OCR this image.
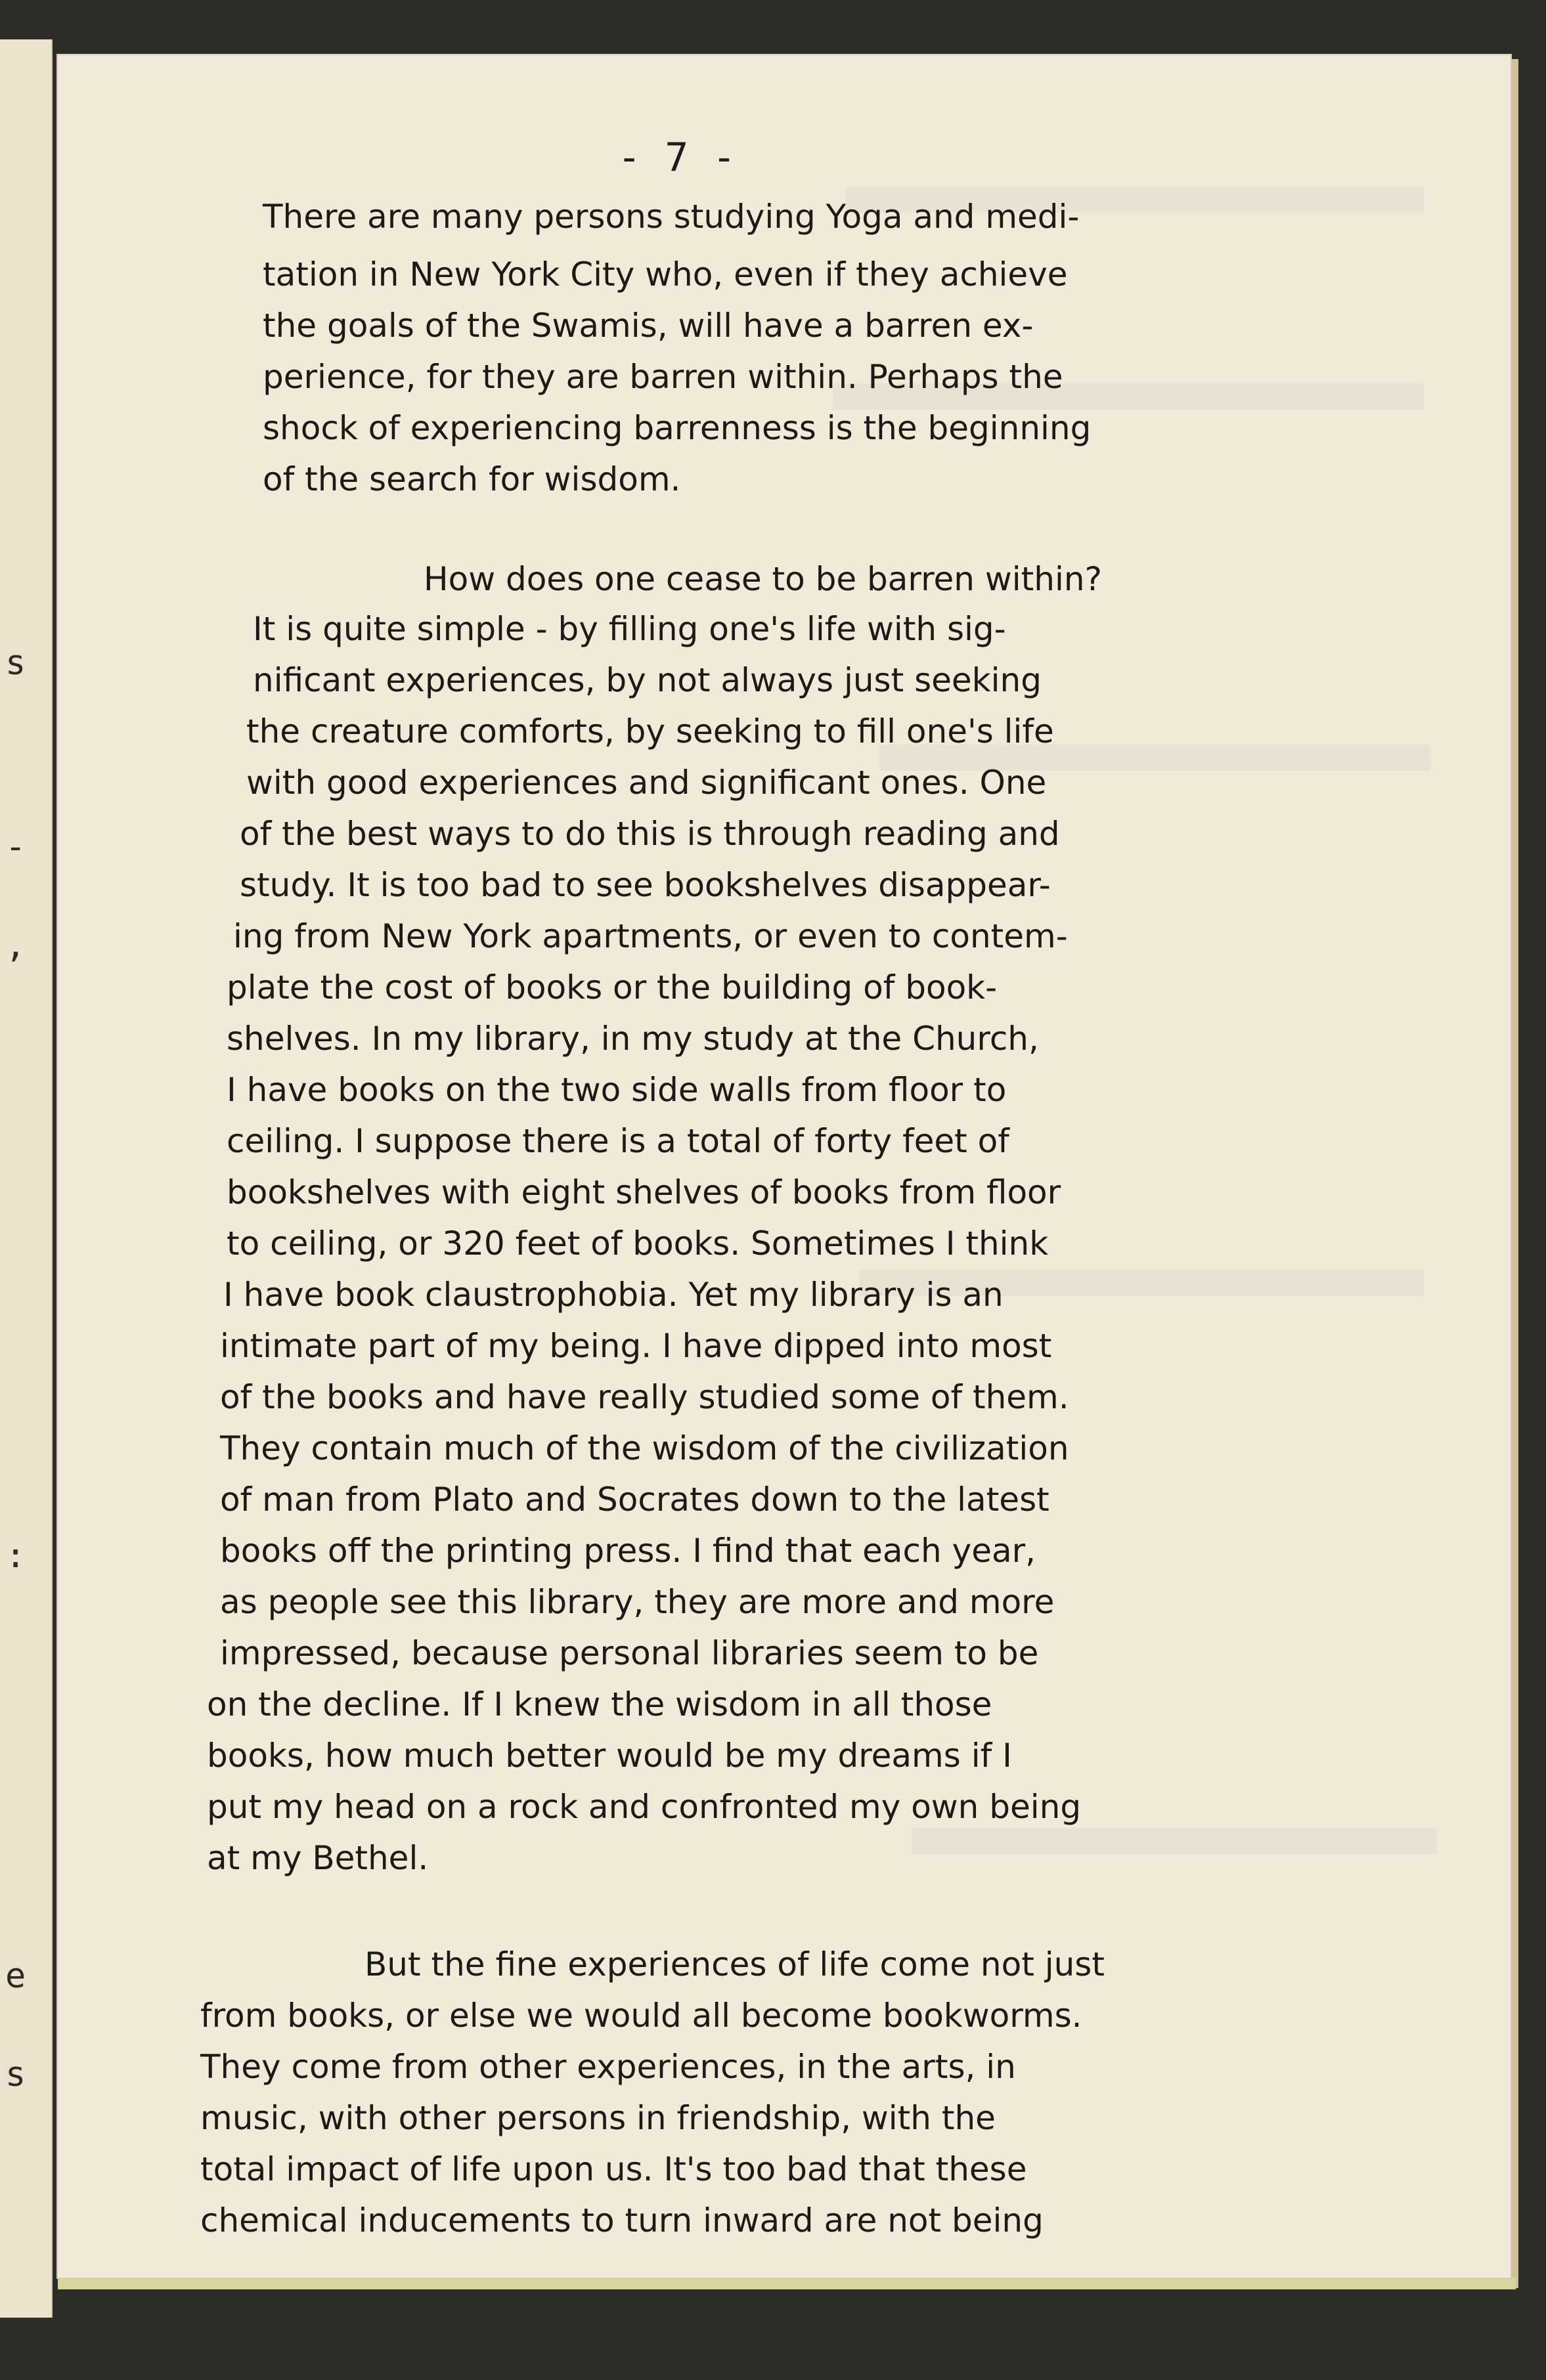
s
-
,
:
e
s
- 7 -
There are many persons studying Yoga and medi-
tation in New York City who, even if they achieve
the goals of the Swamis, will have a barren ex-
perience, for they are barren within. Perhaps the
shock of experiencing barrenness is the beginning
of the search for wisdom.
How does one cease to be barren within?
It is quite simple - by filling one's life with sig-
nificant experiences, by not always just seeking
the creature comforts, by seeking to fill one's life
with good experiences and significant ones. One
of the best ways to do this is through reading and
study. It is too bad to see bookshelves disappear-
ing from New York apartments, or even to contem-
plate the cost of books or the building of book-
shelves. In my library, in my study at the Church,
I have books on the two side walls from floor to
ceiling. I suppose there is a total of forty feet of
bookshelves with eight shelves of books from floor
to ceiling, or 320 feet of books. Sometimes I think
I have book claustrophobia. Yet my library is an
intimate part of my being. I have dipped into most
of the books and have really studied some of them.
They contain much of the wisdom of the civilization
of man from Plato and Socrates down to the latest
books off the printing press. I find that each year,
as people see this library, they are more and more
impressed, because personal libraries seem to be
on the decline. If I knew the wisdom in all those
books, how much better would be my dreams if I
put my head on a rock and confronted my own being
at my Bethel.
But the fine experiences of life come not just
from books, or else we would all become bookworms.
They come from other experiences, in the arts, in
music, with other persons in friendship, with the
total impact of life upon us. It's too bad that these
chemical inducements to turn inward are not being
